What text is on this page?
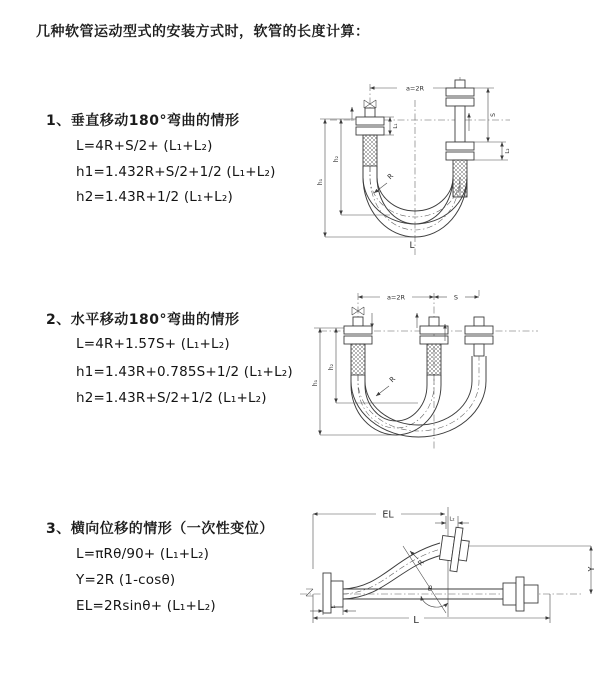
几种软管运动型式的安装方式时，软管的长度计算：
1、垂直移动180°弯曲的情形
L=4R+S/2+ (L₁+L₂)
h1=1.432R+S/2+1/2 (L₁+L₂)
h2=1.43R+1/2 (L₁+L₂)
a=2R
S
L₂
L₁
h₁
h₂
R
L
2、水平移动180°弯曲的情形
L=4R+1.57S+ (L₁+L₂)
h1=1.43R+0.785S+1/2 (L₁+L₂)
h2=1.43R+S/2+1/2 (L₁+L₂)
a=2R	S
h₁
h₂
R
3、横向位移的情形（一次性变位）
L=πRθ/90+ (L₁+L₂)
Y=2R (1-cosθ)
EL=2Rsinθ+ (L₁+L₂)
EL	L₂
Y
θ
R
L₁
L
